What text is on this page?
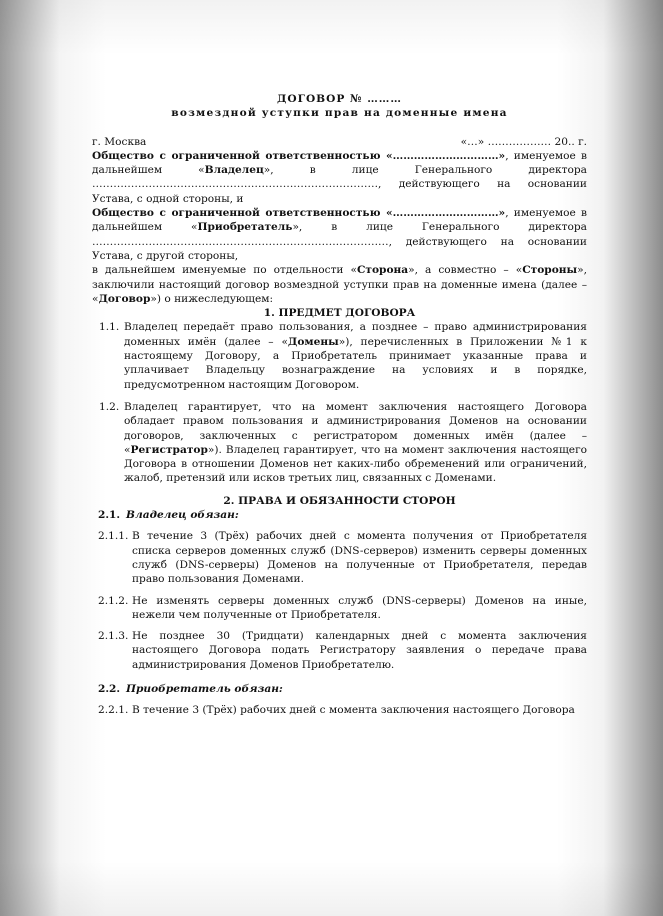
ДОГОВОР № ………

возмездной уступки прав на доменные имена

г. Москва	«…» ……………… 20.. г.

Общество с ограниченной ответственностью «…………………………», именуемое в дальнейшем «Владелец», в лице Генерального директора ………………………………………………………………………, действующего на основании Устава, с одной стороны, и

Общество с ограниченной ответственностью «…………………………», именуемое в дальнейшем «Приобретатель», в лице Генерального директора …………………………………………………………………………, действующего на основании Устава, с другой стороны,

в дальнейшем именуемые по отдельности «Сторона», а совместно – «Стороны», заключили настоящий договор возмездной уступки прав на доменные имена (далее – «Договор») о нижеследующем:

1. ПРЕДМЕТ ДОГОВОРА

1.1. Владелец передаёт право пользования, а позднее – право администрирования доменных имён (далее – «Домены»), перечисленных в Приложении №1 к настоящему Договору, а Приобретатель принимает указанные права и уплачивает Владельцу вознаграждение на условиях и в порядке, предусмотренном настоящим Договором.
1.2. Владелец гарантирует, что на момент заключения настоящего Договора обладает правом пользования и администрирования Доменов на основании договоров, заключенных с регистратором доменных имён (далее – «Регистратор»). Владелец гарантирует, что на момент заключения настоящего Договора в отношении Доменов нет каких-либо обременений или ограничений, жалоб, претензий или исков третьих лиц, связанных с Доменами.

2. ПРАВА И ОБЯЗАННОСТИ СТОРОН

2.1. Владелец обязан:
2.1.1. В течение 3 (Трёх) рабочих дней с момента получения от Приобретателя списка серверов доменных служб (DNS-серверов) изменить серверы доменных служб (DNS-серверы) Доменов на полученные от Приобретателя, передав право пользования Доменами.
2.1.2. Не изменять серверы доменных служб (DNS-серверы) Доменов на иные, нежели чем полученные от Приобретателя.
2.1.3. Не позднее 30 (Тридцати) календарных дней с момента заключения настоящего Договора подать Регистратору заявления о передаче права администрирования Доменов Приобретателю.
2.2. Приобретатель обязан:
2.2.1. В течение 3 (Трёх) рабочих дней с момента заключения настоящего Договора
